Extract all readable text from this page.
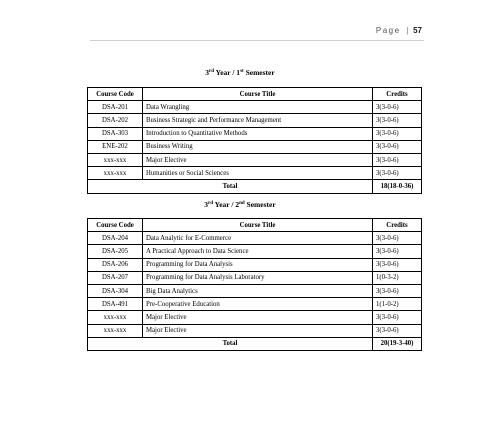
Page | 57
3rd Year / 1st Semester
Course Code	Course Title	Credits
DSA-201	Data Wrangling	3(3-0-6)
DSA-202	Business Strategic and Performance Management	3(3-0-6)
DSA-303	Introduction to Quantitative Methods	3(3-0-6)
ENE-202	Business Writing	3(3-0-6)
xxx-xxx	Major Elective	3(3-0-6)
xxx-xxx	Humanities or Social Sciences	3(3-0-6)
Total		18(18-0-36)
3rd Year / 2nd Semester
Course Code	Course Title	Credits
DSA-204	Data Analytic for E-Commerce	3(3-0-6)
DSA-205	A Practical Approach to Data Science	3(3-0-6)
DSA-206	Programming for Data Analysis	3(3-0-6)
DSA-207	Programming for Data Analysis Laboratory	1(0-3-2)
DSA-304	Big Data Analytics	3(3-0-6)
DSA-491	Pre-Cooperative Education	1(1-0-2)
xxx-xxx	Major Elective	3(3-0-6)
xxx-xxx	Major Elective	3(3-0-6)
Total		20(19-3-40)
